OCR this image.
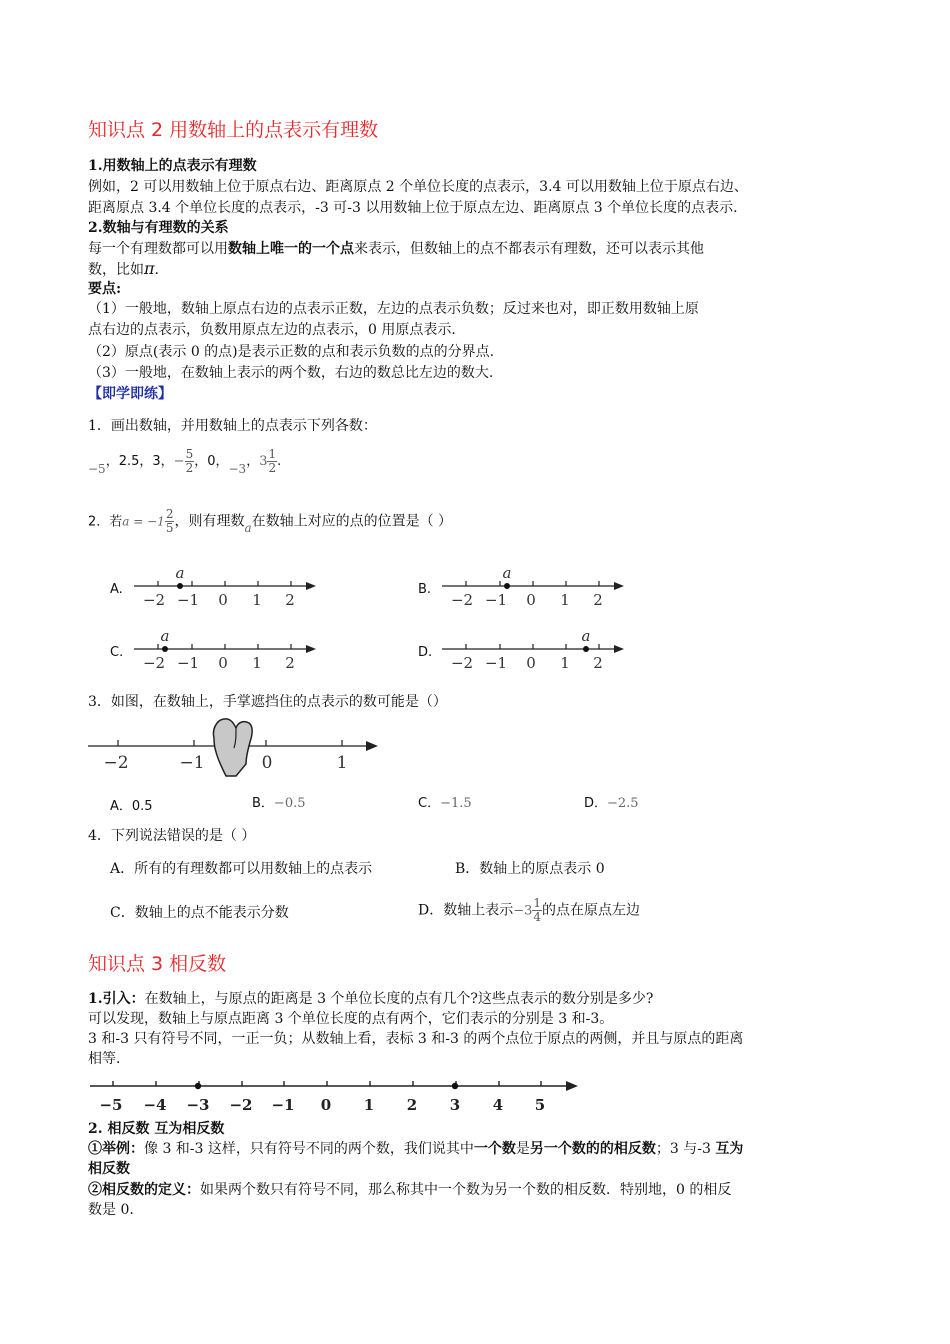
知识点 2 用数轴上的点表示有理数
1.用数轴上的点表示有理数
例如，2 可以用数轴上位于原点右边、距离原点 2 个单位长度的点表示，3.4 可以用数轴上位于原点右边、
距离原点 3.4 个单位长度的点表示，-3 可-3 以用数轴上位于原点左边、距离原点 3 个单位长度的点表示.
2.数轴与有理数的关系
每一个有理数都可以用数轴上唯一的一个点来表示，但数轴上的点不都表示有理数，还可以表示其他
数，比如π.
要点:
（1）一般地，数轴上原点右边的点表示正数，左边的点表示负数；反过来也对，即正数用数轴上原
点右边的点表示，负数用原点左边的点表示，0 用原点表示.
（2）原点(表示 0 的点)是表示正数的点和表示负数的点的分界点.
（3）一般地，在数轴上表示的两个数，右边的数总比左边的数大.
【即学即练】
1．画出数轴，并用数轴上的点表示下列各数：
−5，2.5，3，− $\frac{5}{2}$ ，0，−3，$3 \frac{1}{2}$ .
2．若$a = -1 \frac{2}{5}$ ，则有理数a在数轴上对应的点的位置是（ ）
A.	B.
C.	D.
−2 −1 0 1 2
a
−2 −1 0 1 2
a
−2 −1 0 1 2
a
−2 −1 0 1 2
a
3．如图，在数轴上，手掌遮挡住的点表示的数可能是（）
−2	−1	0	1
A．0.5	B．−0.5	C．−1.5	D．−2.5
4．下列说法错误的是（ ）
A．所有的有理数都可以用数轴上的点表示	B．数轴上的原点表示 0
C．数轴上的点不能表示分数	D．数轴上表示$-3 \frac{1}{4}$ 的点在原点左边
知识点 3 相反数
1.引入：在数轴上，与原点的距离是 3 个单位长度的点有几个?这些点表示的数分别是多少?
可以发现，数轴上与原点距离 3 个单位长度的点有两个，它们表示的分别是 3 和-3。
3 和-3 只有符号不同，一正一负；从数轴上看，表标 3 和-3 的两个点位于原点的两侧，并且与原点的距离
相等.
−5 −4 −3 −2 −1 0 1 2 3 4 5
2. 相反数 互为相反数
①举例：像 3 和-3 这样，只有符号不同的两个数，我们说其中一个数是另一个数的的相反数；3 与-3 互为
相反数
②相反数的定义：如果两个数只有符号不同，那么称其中一个数为另一个数的相反数．特别地，0 的相反
数是 0.
